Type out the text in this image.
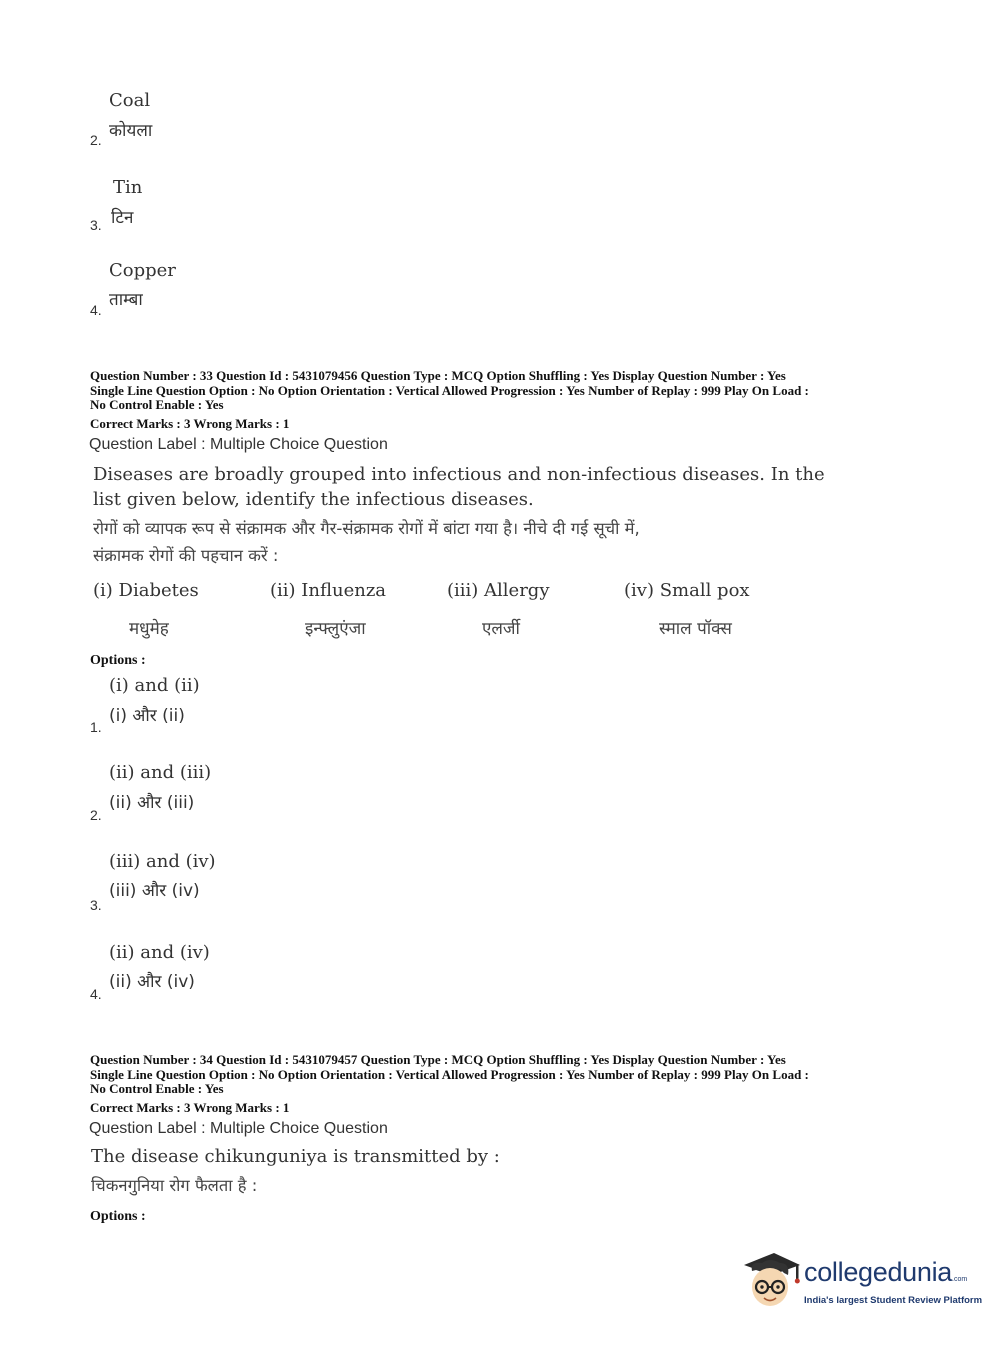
Coal
कोयला
2.
Tin
टिन
3.
Copper
ताम्बा
4.
Question Number : 33 Question Id : 5431079456 Question Type : MCQ Option Shuffling : Yes Display Question Number : Yes
Single Line Question Option : No Option Orientation : Vertical Allowed Progression : Yes Number of Replay : 999 Play On Load :
No Control Enable : Yes
Correct Marks : 3 Wrong Marks : 1
Question Label : Multiple Choice Question
Diseases are broadly grouped into infectious and non-infectious diseases. In the
list given below, identify the infectious diseases.
रोगों को व्यापक रूप से संक्रामक और गैर-संक्रामक रोगों में बांटा गया है। नीचे दी गई सूची में,
संक्रामक रोगों की पहचान करें :
(i) Diabetes
मधुमेह
(ii) Influenza
इन्फ्लुएंजा
(iii) Allergy
एलर्जी
(iv) Small pox
स्माल पॉक्स
Options :
(i) and (ii)
(i) और (ii)
1.
(ii) and (iii)
(ii) और (iii)
2.
(iii) and (iv)
(iii) और (iv)
3.
(ii) and (iv)
(ii) और (iv)
4.
Question Number : 34 Question Id : 5431079457 Question Type : MCQ Option Shuffling : Yes Display Question Number : Yes
Single Line Question Option : No Option Orientation : Vertical Allowed Progression : Yes Number of Replay : 999 Play On Load :
No Control Enable : Yes
Correct Marks : 3 Wrong Marks : 1
Question Label : Multiple Choice Question
The disease chikunguniya is transmitted by :
चिकनगुनिया रोग फैलता है :
Options :
collegedunia.com
India's largest Student Review Platform
